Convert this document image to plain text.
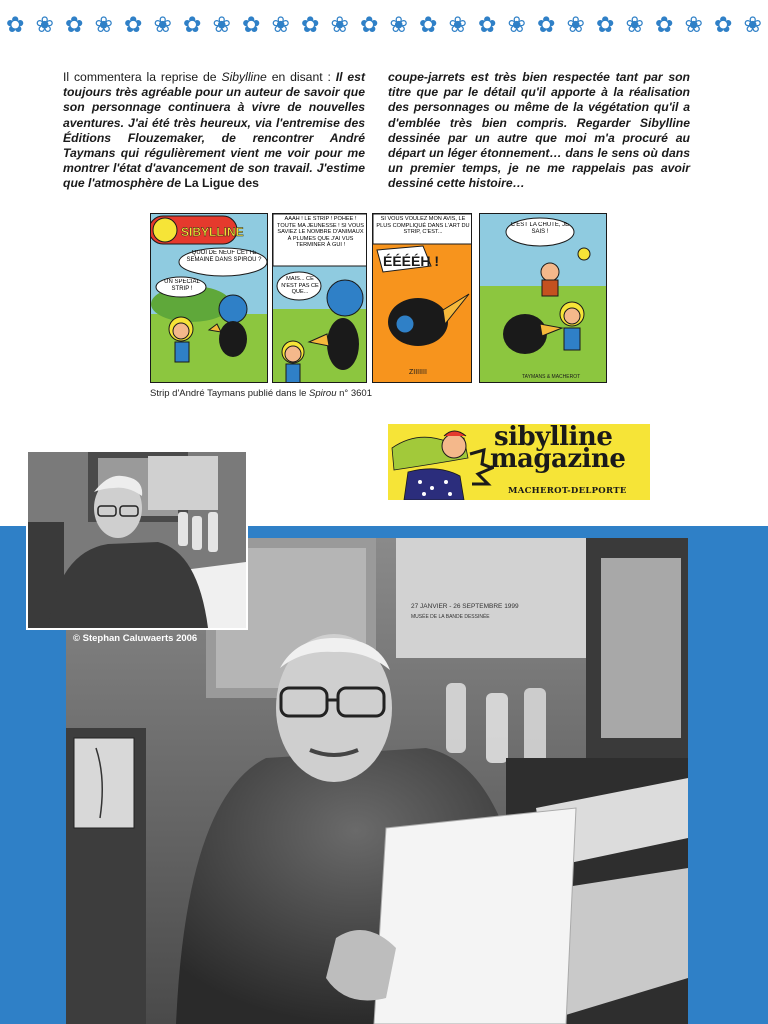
✿ ❀ ✿ ❀ ✿ ❀ ✿ ❀ ✿ ❀ ✿ ❀ ✿ ❀ ✿ ❀ ✿ ❀ ✿ ❀ ✿ ❀ ✿ ❀ ✿ ❀

Il commentera la reprise de Sibylline en disant : Il est toujours très agréable pour un auteur de savoir que son personnage continuera à vivre de nouvelles aventures. J'ai été très heureux, via l'entremise des Éditions Flouzemaker, de rencontrer André Taymans qui régulièrement vient me voir pour me montrer l'état d'avancement de son travail. J'estime que l'atmosphère de La Ligue des

coupe-jarrets est très bien respectée tant par son titre que par le détail qu'il apporte à la réalisation des personnages ou même de la végétation qu'il a d'emblée très bien compris. Regarder Sibylline dessinée par un autre que moi m'a procuré au départ un léger étonnement… dans le sens où dans un premier temps, je ne me rappelais pas avoir dessiné cette histoire…

SIBYLLINE
QUOI DE NEUF CETTE SEMAINE DANS SPIROU ?
UN SPÉCIAL STRIP !
AAAH ! LE STRIP ! POHÉE ! TOUTE MA JEUNESSE ! SI VOUS SAVIEZ LE NOMBRE D'ANIMAUX À PLUMES QUE J'AI VUS TERMINER À GUI !
MAIS... CE N'EST PAS CE QUE...
SI VOUS VOULEZ MON AVIS, LE PLUS COMPLIQUÉ DANS L'ART DU STRIP, C'EST...
ÉÉÉÉH !
ZIIIIIII
C'EST LA CHUTE, JE SAIS !
TAYMANS & MACHEROT
Strip d'André Taymans publié dans le Spirou n° 3601
sibylline
magazine
MACHEROT-DELPORTE
27 JANVIER - 26 SEPTEMBRE 1999
MUSÉE DE LA BANDE DESSINÉE
© Stephan Caluwaerts 2006
